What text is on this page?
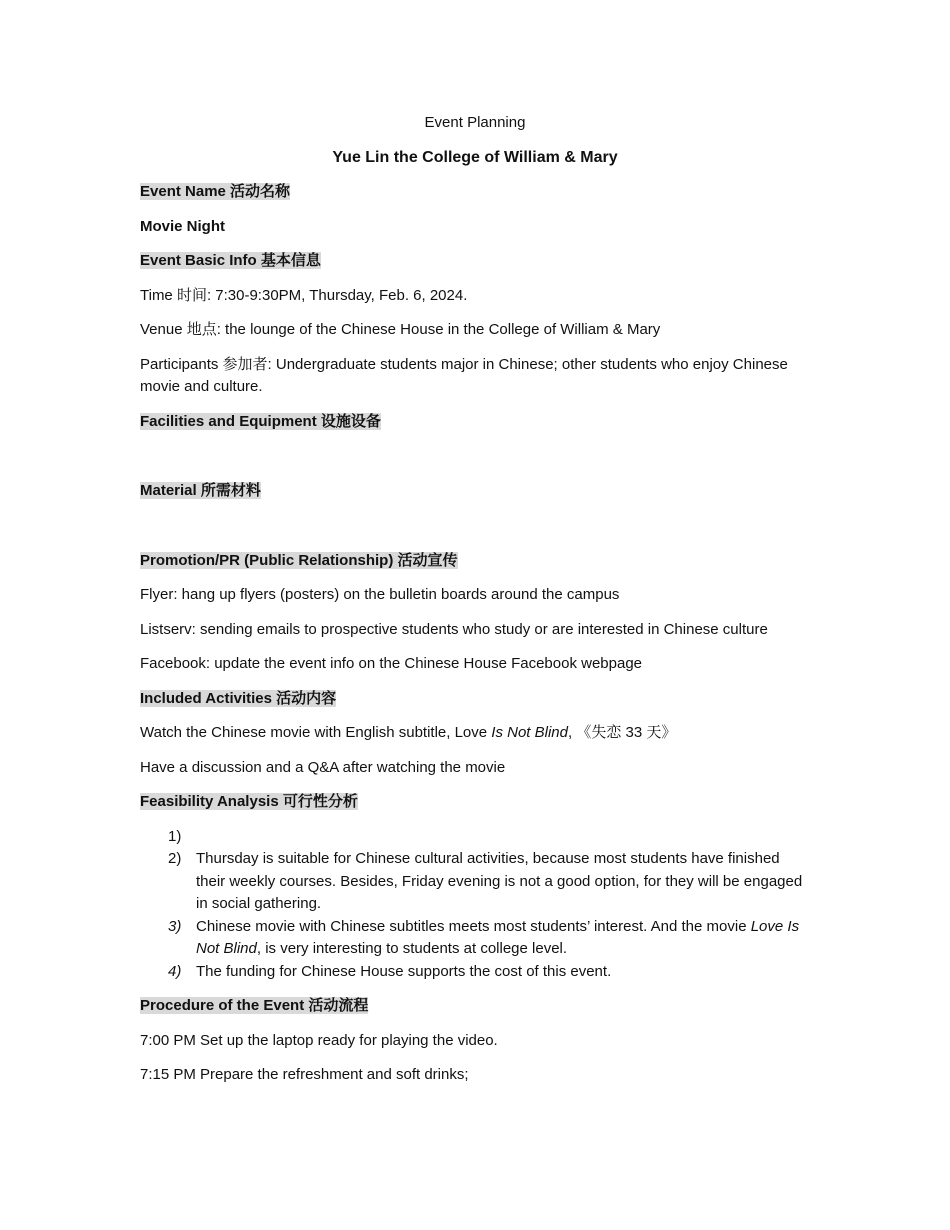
Event Planning

Yue Lin the College of William & Mary

Event Name 活动名称

Movie Night

Event Basic Info 基本信息

Time 时间: 7:30-9:30PM, Thursday, Feb. 6, 2024.

Venue 地点: the lounge of the Chinese House in the College of William & Mary

Participants 参加者: Undergraduate students major in Chinese; other students who enjoy Chinese movie and culture.

Facilities and Equipment 设施设备

Material 所需材料

Promotion/PR (Public Relationship) 活动宣传

Flyer: hang up flyers (posters) on the bulletin boards around the campus

Listserv: sending emails to prospective students who study or are interested in Chinese culture

Facebook: update the event info on the Chinese House Facebook webpage

Included Activities 活动内容

Watch the Chinese movie with English subtitle, Love Is Not Blind, 《失恋 33 天》

Have a discussion and a Q&A after watching the movie

Feasibility Analysis 可行性分析

1)
2) Thursday is suitable for Chinese cultural activities, because most students have finished their weekly courses. Besides, Friday evening is not a good option, for they will be engaged in social gathering.
3) Chinese movie with Chinese subtitles meets most students’ interest. And the movie Love Is Not Blind, is very interesting to students at college level.
4) The funding for Chinese House supports the cost of this event.

Procedure of the Event 活动流程

7:00 PM Set up the laptop ready for playing the video.

7:15 PM Prepare the refreshment and soft drinks;
